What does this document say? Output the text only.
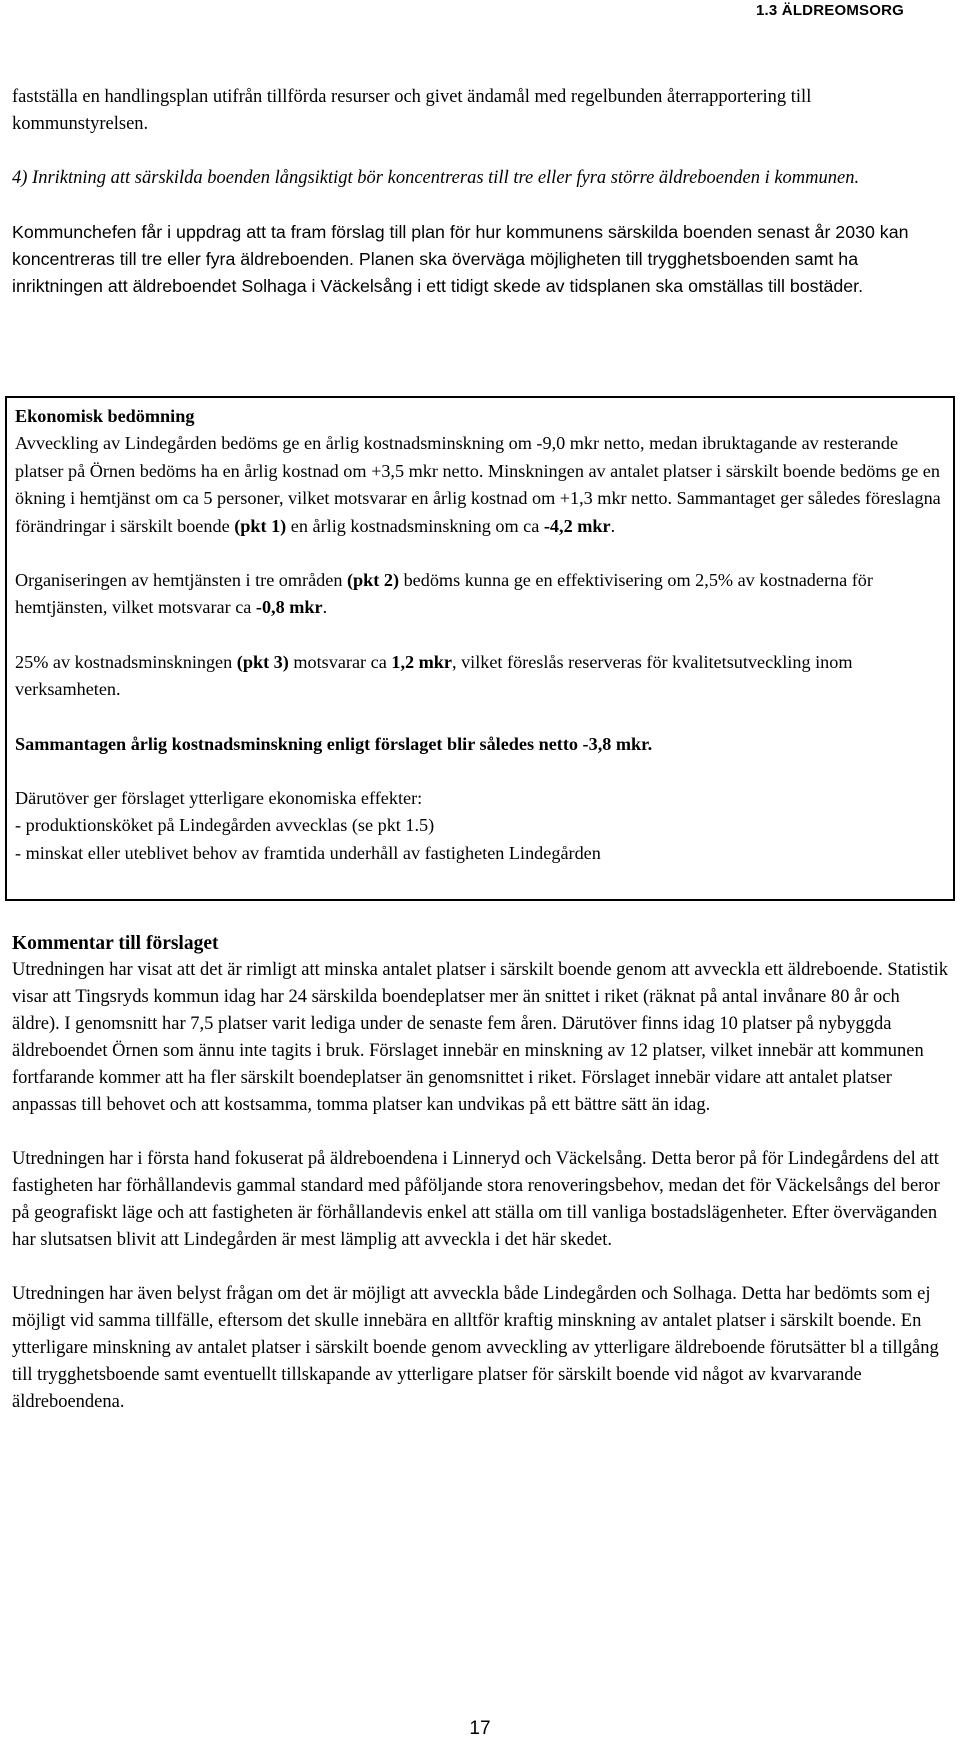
1.3 ÄLDREOMSORG

fastställa en handlingsplan utifrån tillförda resurser och givet ändamål med regelbunden återrapportering till kommunstyrelsen.

4) Inriktning att särskilda boenden långsiktigt bör koncentreras till tre eller fyra större äldreboenden i kommunen.

Kommunchefen får i uppdrag att ta fram förslag till plan för hur kommunens särskilda boenden senast år 2030 kan koncentreras till tre eller fyra äldreboenden. Planen ska överväga möjligheten till trygghetsboenden samt ha inriktningen att äldreboendet Solhaga i Väckelsång i ett tidigt skede av tidsplanen ska omställas till bostäder.

Ekonomisk bedömning

Avveckling av Lindegården bedöms ge en årlig kostnadsminskning om -9,0 mkr netto, medan ibruktagande av resterande platser på Örnen bedöms ha en årlig kostnad om +3,5 mkr netto. Minskningen av antalet platser i särskilt boende bedöms ge en ökning i hemtjänst om ca 5 personer, vilket motsvarar en årlig kostnad om +1,3 mkr netto. Sammantaget ger således föreslagna förändringar i särskilt boende (pkt 1) en årlig kostnadsminskning om ca -4,2 mkr.

Organiseringen av hemtjänsten i tre områden (pkt 2) bedöms kunna ge en effektivisering om 2,5% av kostnaderna för hemtjänsten, vilket motsvarar ca -0,8 mkr.

25% av kostnadsminskningen (pkt 3) motsvarar ca 1,2 mkr, vilket föreslås reserveras för kvalitetsutveckling inom verksamheten.

Sammantagen årlig kostnadsminskning enligt förslaget blir således netto -3,8 mkr.

Därutöver ger förslaget ytterligare ekonomiska effekter:

- produktionsköket på Lindegården avvecklas (se pkt 1.5)

- minskat eller uteblivet behov av framtida underhåll av fastigheten Lindegården

Kommentar till förslaget

Utredningen har visat att det är rimligt att minska antalet platser i särskilt boende genom att avveckla ett äldreboende. Statistik visar att Tingsryds kommun idag har 24 särskilda boendeplatser mer än snittet i riket (räknat på antal invånare 80 år och äldre). I genomsnitt har 7,5 platser varit lediga under de senaste fem åren. Därutöver finns idag 10 platser på nybyggda äldreboendet Örnen som ännu inte tagits i bruk. Förslaget innebär en minskning av 12 platser, vilket innebär att kommunen fortfarande kommer att ha fler särskilt boendeplatser än genomsnittet i riket. Förslaget innebär vidare att antalet platser anpassas till behovet och att kostsamma, tomma platser kan undvikas på ett bättre sätt än idag.

Utredningen har i första hand fokuserat på äldreboendena i Linneryd och Väckelsång. Detta beror på för Lindegårdens del att fastigheten har förhållandevis gammal standard med påföljande stora renoveringsbehov, medan det för Väckelsångs del beror på geografiskt läge och att fastigheten är förhållandevis enkel att ställa om till vanliga bostadslägenheter. Efter överväganden har slutsatsen blivit att Lindegården är mest lämplig att avveckla i det här skedet.

Utredningen har även belyst frågan om det är möjligt att avveckla både Lindegården och Solhaga. Detta har bedömts som ej möjligt vid samma tillfälle, eftersom det skulle innebära en alltför kraftig minskning av antalet platser i särskilt boende. En ytterligare minskning av antalet platser i särskilt boende genom avveckling av ytterligare äldreboende förutsätter bl a tillgång till trygghetsboende samt eventuellt tillskapande av ytterligare platser för särskilt boende vid något av kvarvarande äldreboendena.

17
